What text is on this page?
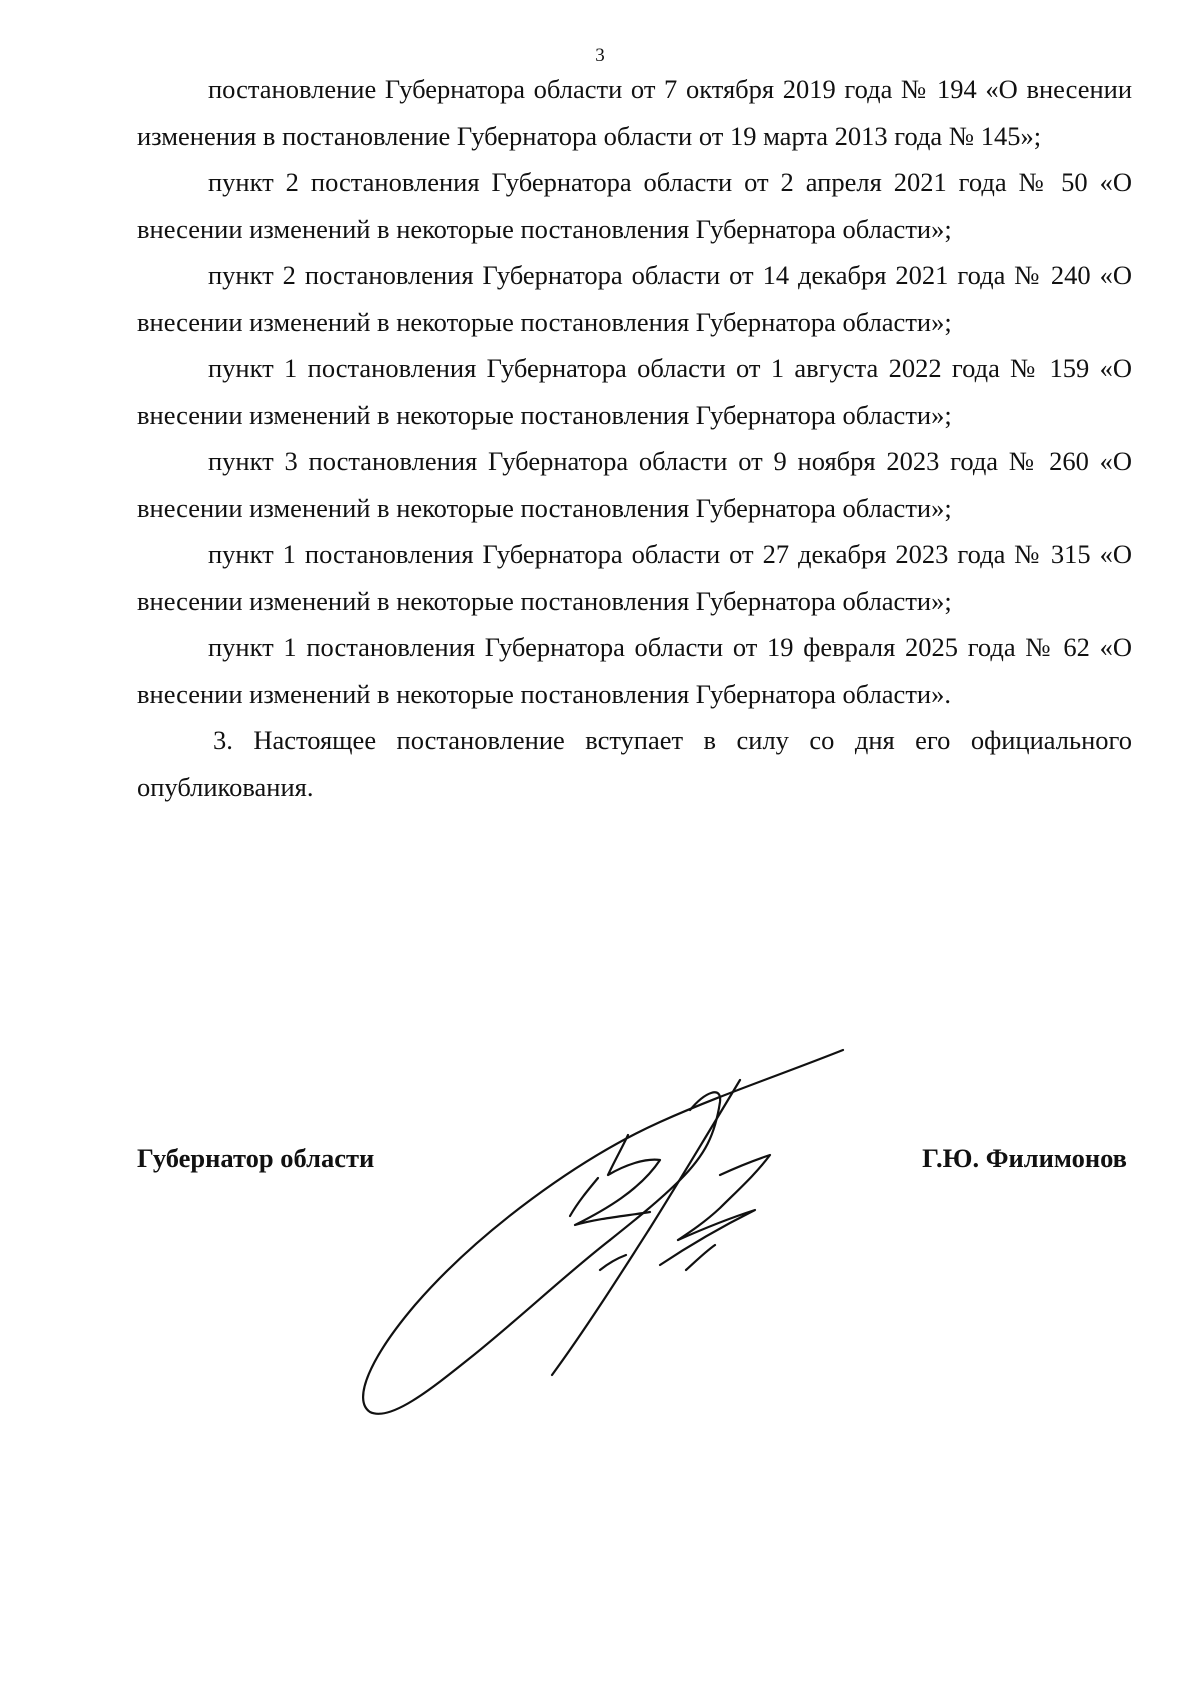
3

постановление Губернатора области от 7 октября 2019 года № 194 «О внесении изменения в постановление Губернатора области от 19 марта 2013 года № 145»;

пункт 2 постановления Губернатора области от 2 апреля 2021 года № 50 «О внесении изменений в некоторые постановления Губернатора области»;

пункт 2 постановления Губернатора области от 14 декабря 2021 года № 240 «О внесении изменений в некоторые постановления Губернатора области»;

пункт 1 постановления Губернатора области от 1 августа 2022 года № 159 «О внесении изменений в некоторые постановления Губернатора области»;

пункт 3 постановления Губернатора области от 9 ноября 2023 года № 260 «О внесении изменений в некоторые постановления Губернатора области»;

пункт 1 постановления Губернатора области от 27 декабря 2023 года № 315 «О внесении изменений в некоторые постановления Губернатора области»;

пункт 1 постановления Губернатора области от 19 февраля 2025 года № 62 «О внесении изменений в некоторые постановления Губернатора области».

3. Настоящее постановление вступает в силу со дня его официального опубликования.

Губернатор области	Г.Ю. Филимонов
